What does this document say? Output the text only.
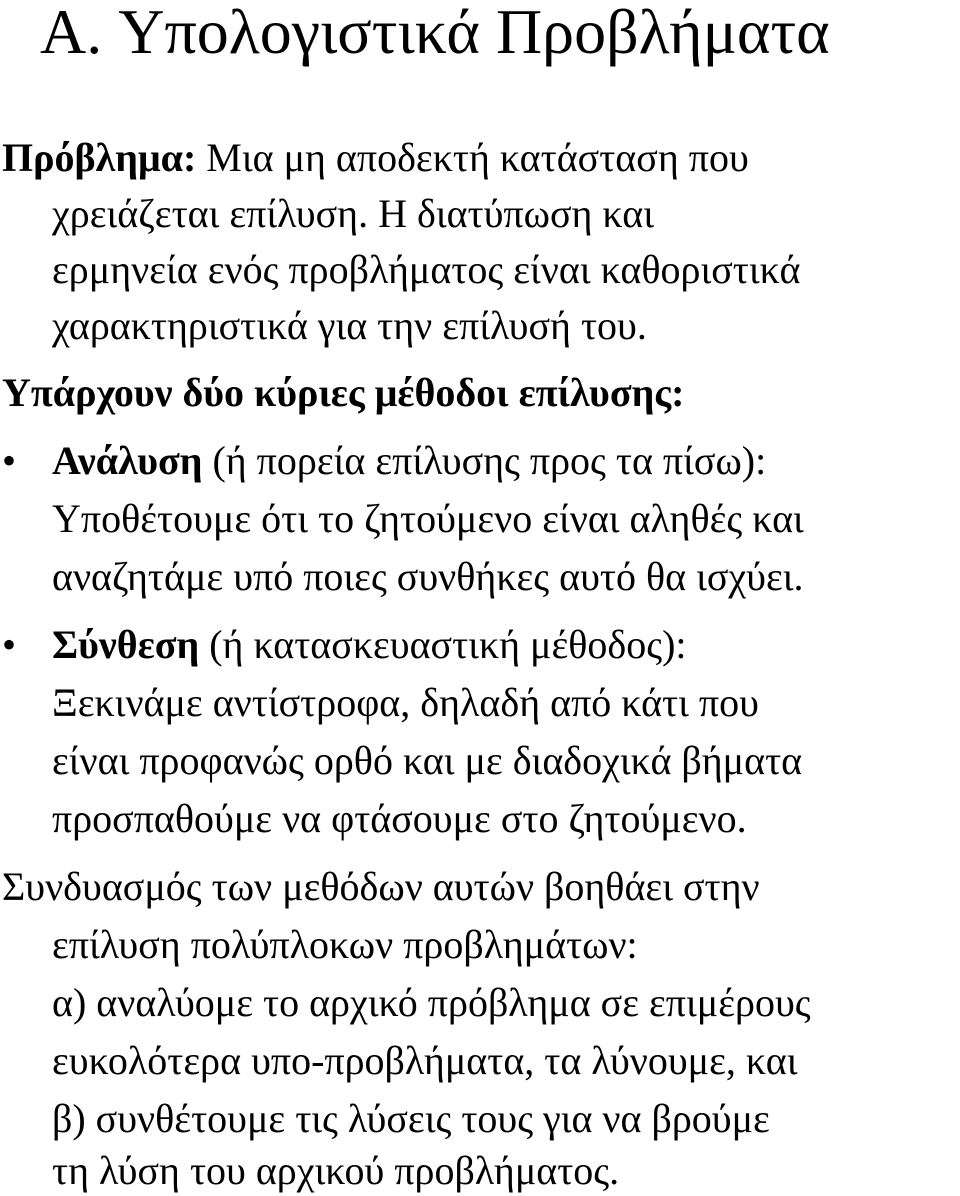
A. Υπολογιστικά Προβλήματα
Πρόβλημα: Μια μη αποδεκτή κατάσταση που
χρειάζεται επίλυση. Η διατύπωση και
ερμηνεία ενός προβλήματος είναι καθοριστικά
χαρακτηριστικά για την επίλυσή του.
Υπάρχουν δύο κύριες μέθοδοι επίλυσης:
• Ανάλυση (ή πορεία επίλυσης προς τα πίσω):
Υποθέτουμε ότι το ζητούμενο είναι αληθές και
αναζητάμε υπό ποιες συνθήκες αυτό θα ισχύει.
• Σύνθεση (ή κατασκευαστική μέθοδος):
Ξεκινάμε αντίστροφα, δηλαδή από κάτι που
είναι προφανώς ορθό και με διαδοχικά βήματα
προσπαθούμε να φτάσουμε στο ζητούμενο.
Συνδυασμός των μεθόδων αυτών βοηθάει στην
επίλυση πολύπλοκων προβλημάτων:
α) αναλύομε το αρχικό πρόβλημα σε επιμέρους
ευκολότερα υπο-προβλήματα, τα λύνουμε, και
β) συνθέτουμε τις λύσεις τους για να βρούμε
τη λύση του αρχικού προβλήματος.
